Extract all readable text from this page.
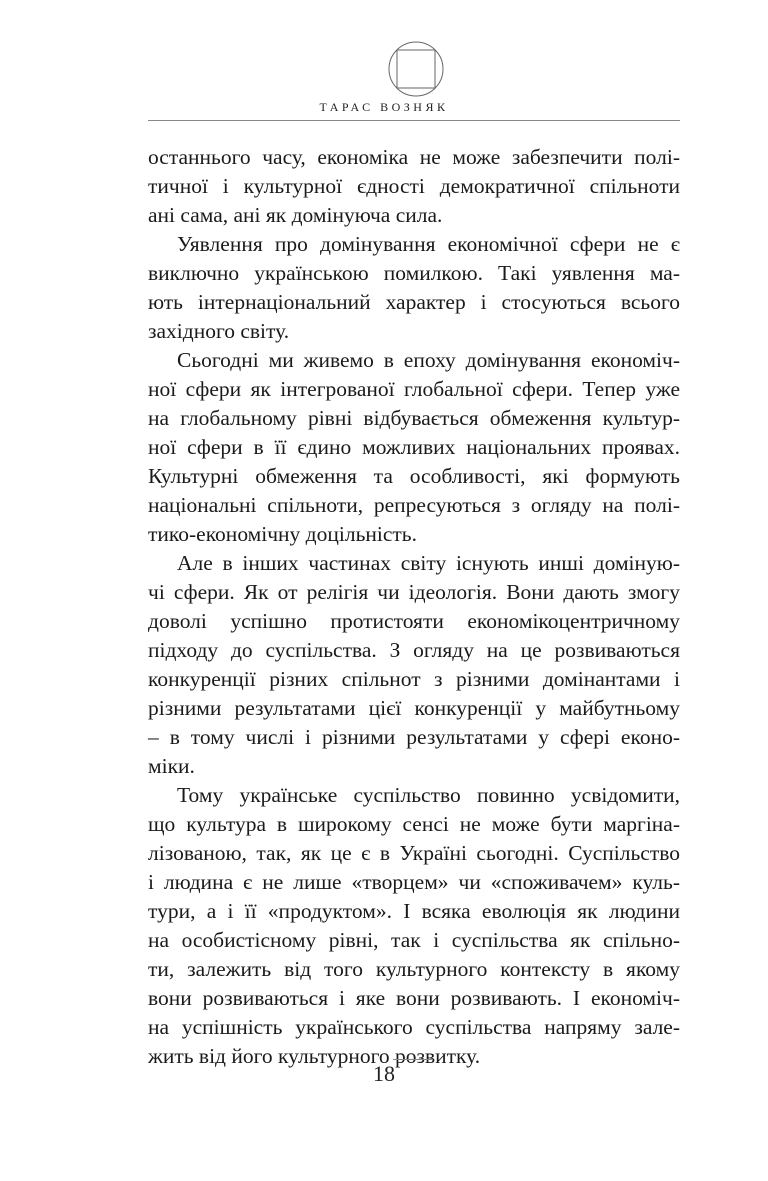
ТАРАС ВОЗНЯК
останнього часу, економіка не може забезпечити полі-
тичної і культурної єдності демократичної спільноти
ані сама, ані як домінуюча сила.
Уявлення про домінування економічної сфери не є
виключно українською помилкою. Такі уявлення ма-
ють інтернаціональний характер і стосуються всього
західного світу.
Сьогодні ми живемо в епоху домінування економіч-
ної сфери як інтегрованої глобальної сфери. Тепер уже
на глобальному рівні відбувається обмеження культур-
ної сфери в її єдино можливих національних проявах.
Культурні обмеження та особливості, які формують
національні спільноти, репресуються з огляду на полі-
тико-економічну доцільність.
Але в інших частинах світу існують инші доміную-
чі сфери. Як от релігія чи ідеологія. Вони дають змогу
доволі успішно протистояти економікоцентричному
підходу до суспільства. З огляду на це розвиваються
конкуренції різних спільнот з різними домінантами і
різними результатами цієї конкуренції у майбутньому
– в тому числі і різними результатами у сфері еконо-
міки.
Тому українське суспільство повинно усвідомити,
що культура в широкому сенсі не може бути маргіна-
лізованою, так, як це є в Україні сьогодні. Суспільство
і людина є не лише «творцем» чи «споживачем» куль-
тури, а і її «продуктом». І всяка еволюція як людини
на особистісному рівні, так і суспільства як спільно-
ти, залежить від того культурного контексту в якому
вони розвиваються і яке вони розвивають. І економіч-
на успішність українського суспільства напряму зале-
жить від його культурного розвитку.
18
